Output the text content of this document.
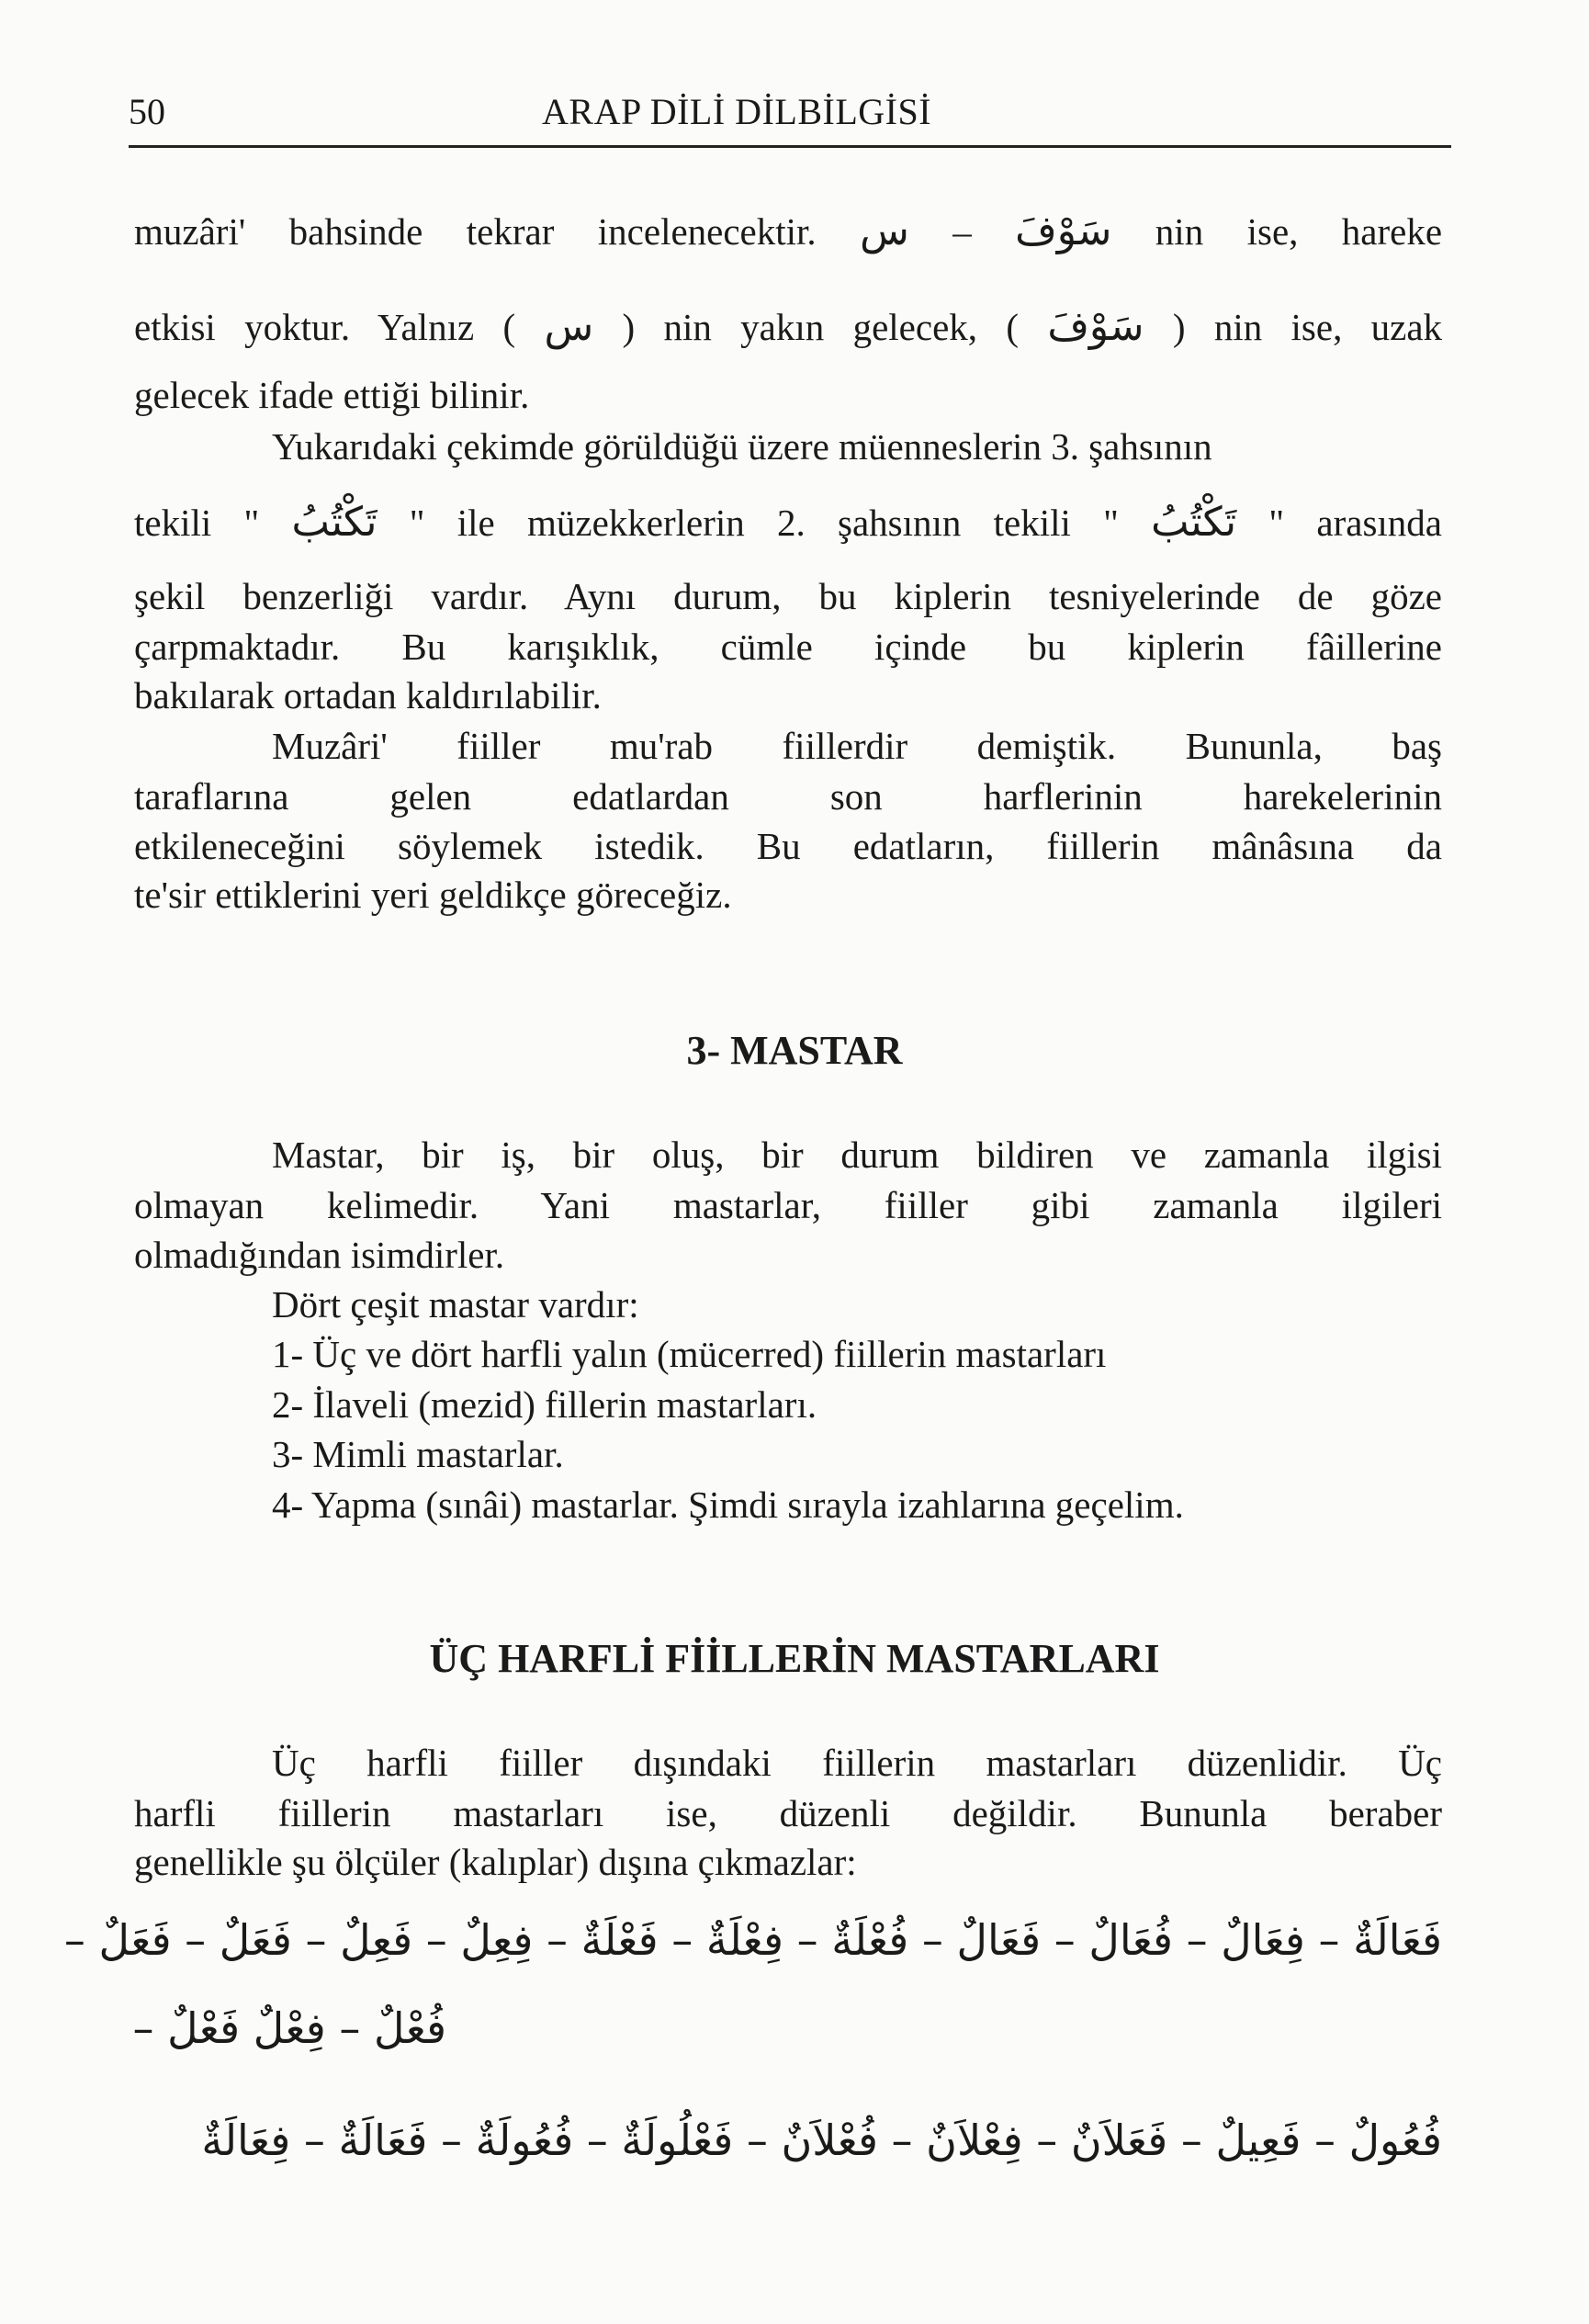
50	ARAP DİLİ DİLBİLGİSİ
muzâri' bahsinde tekrar incelenecektir. س – سَوْفَ nin ise, hareke
etkisi yoktur. Yalnız ( س ) nin yakın gelecek, ( سَوْفَ ) nin ise, uzak
gelecek ifade ettiği bilinir.
Yukarıdaki çekimde görüldüğü üzere müenneslerin 3. şahsının
tekili " تَكْتُبُ " ile müzekkerlerin 2. şahsının tekili " تَكْتُبُ " arasında
şekil benzerliği vardır. Aynı durum, bu kiplerin tesniyelerinde de göze
çarpmaktadır. Bu karışıklık, cümle içinde bu kiplerin fâillerine
bakılarak ortadan kaldırılabilir.
Muzâri' fiiller mu'rab fiillerdir demiştik. Bununla, baş
taraflarına gelen edatlardan son harflerinin harekelerinin
etkileneceğini söylemek istedik. Bu edatların, fiillerin mânâsına da
te'sir ettiklerini yeri geldikçe göreceğiz.
3- MASTAR
Mastar, bir iş, bir oluş, bir durum bildiren ve zamanla ilgisi
olmayan kelimedir. Yani mastarlar, fiiller gibi zamanla ilgileri
olmadığından isimdirler.
Dört çeşit mastar vardır:
1- Üç ve dört harfli yalın (mücerred) fiillerin mastarları
2- İlaveli (mezid) fillerin mastarları.
3- Mimli mastarlar.
4- Yapma (sınâi) mastarlar. Şimdi sırayla izahlarına geçelim.
ÜÇ HARFLİ FİİLLERİN MASTARLARI
Üç harfli fiiller dışındaki fiillerin mastarları düzenlidir. Üç
harfli fiillerin mastarları ise, düzenli değildir. Bununla beraber
genellikle şu ölçüler (kalıplar) dışına çıkmazlar:
فَعَالَةٌ – فِعَالٌ – فُعَالٌ – فَعَالٌ – فُعْلَةٌ – فِعْلَةٌ – فَعْلَةٌ – فِعِلٌ – فَعِلٌ – فَعَلٌ – فَعَلٌ –
فُعْلٌ – فِعْلٌ فَعْلٌ –
فُعُولٌ – فَعِيلٌ – فَعَلاَنٌ – فِعْلاَنٌ – فُعْلاَنٌ – فَعْلُولَةٌ – فُعُولَةٌ – فَعَالَةٌ – فِعَالَةٌ
